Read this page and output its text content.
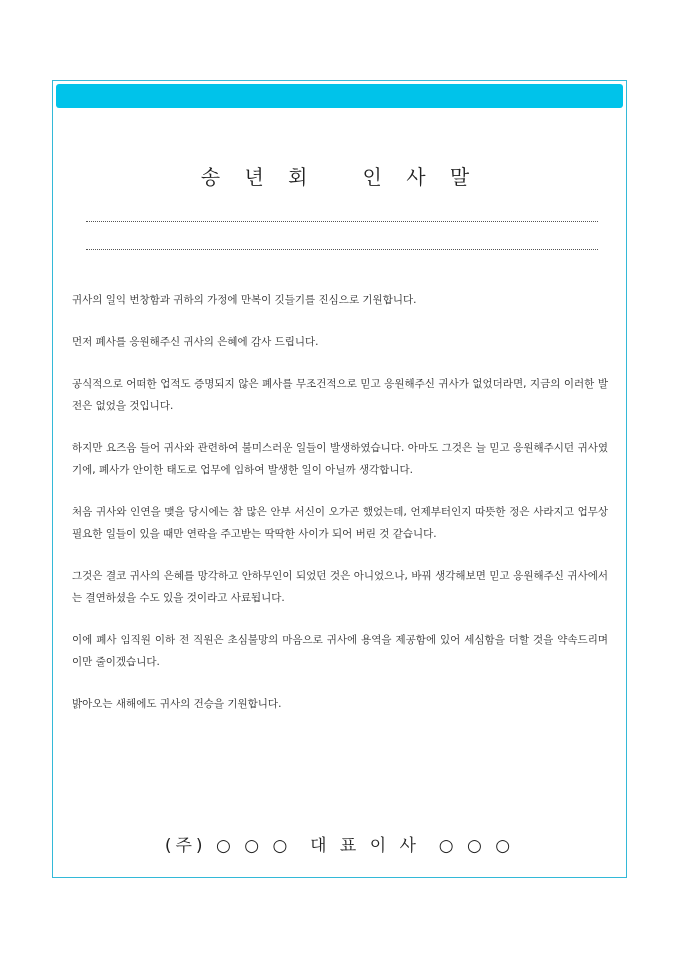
송 년 회   인 사 말

귀사의 일익 번창함과 귀하의 가정에 만복이 깃들기를 진심으로 기원합니다.

먼저 폐사를 응원해주신 귀사의 은혜에 감사 드립니다.

공식적으로 어떠한 업적도 증명되지 않은 폐사를 무조건적으로 믿고 응원해주신 귀사가 없었더라면, 지금의 이러한 발전은 없었을 것입니다.

하지만 요즈음 들어 귀사와 관련하여 불미스러운 일들이 발생하였습니다. 아마도 그것은 늘 믿고 응원해주시던 귀사였기에, 폐사가 안이한 태도로 업무에 임하여 발생한 일이 아닐까 생각합니다.

처음 귀사와 인연을 맺을 당시에는 참 많은 안부 서신이 오가곤 했었는데, 언제부터인지 따뜻한 정은 사라지고 업무상 필요한 일들이 있을 때만 연락을 주고받는 딱딱한 사이가 되어 버린 것 같습니다.

그것은 결코 귀사의 은혜를 망각하고 안하무인이 되었던 것은 아니었으나, 바꿔 생각해보면 믿고 응원해주신 귀사에서는 결연하셨을 수도 있을 것이라고 사료됩니다.

이에 폐사 임직원 이하 전 직원은 초심불망의 마음으로 귀사에 용역을 제공함에 있어 세심함을 더할 것을 약속드리며 이만 줄이겠습니다.

밝아오는 새해에도 귀사의 건승을 기원합니다.

(주) ○ ○ ○  대 표 이 사  ○ ○ ○
